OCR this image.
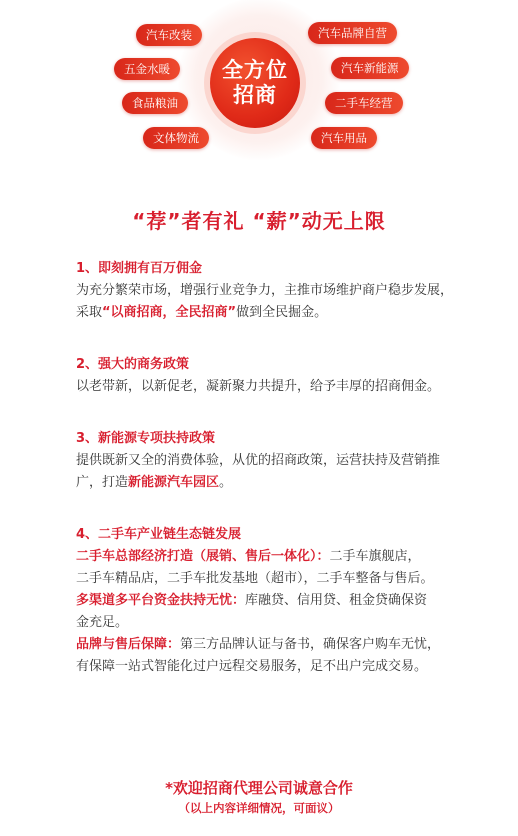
全方位
招商
汽车改装
五金水暖
食品粮油
文体物流
汽车品牌自营
汽车新能源
二手车经营
汽车用品
“荐”者有礼 “薪”动无上限
1、即刻拥有百万佣金
为充分繁荣市场，增强行业竞争力，主推市场维护商户稳步发展，采取“以商招商，全民招商”做到全民掘金。
2、强大的商务政策
以老带新，以新促老，凝新聚力共提升，给予丰厚的招商佣金。
3、新能源专项扶持政策
提供既新又全的消费体验，从优的招商政策，运营扶持及营销推广，打造新能源汽车园区。
4、二手车产业链生态链发展
二手车总部经济打造（展销、售后一体化）：二手车旗舰店，
二手车精品店，二手车批发基地（超市），二手车整备与售后。
多渠道多平台资金扶持无忧：库融贷、信用贷、租金贷确保资
金充足。
品牌与售后保障：第三方品牌认证与备书，确保客户购车无忧，
有保障一站式智能化过户远程交易服务，足不出户完成交易。
*欢迎招商代理公司诚意合作
（以上内容详细情况，可面议）
